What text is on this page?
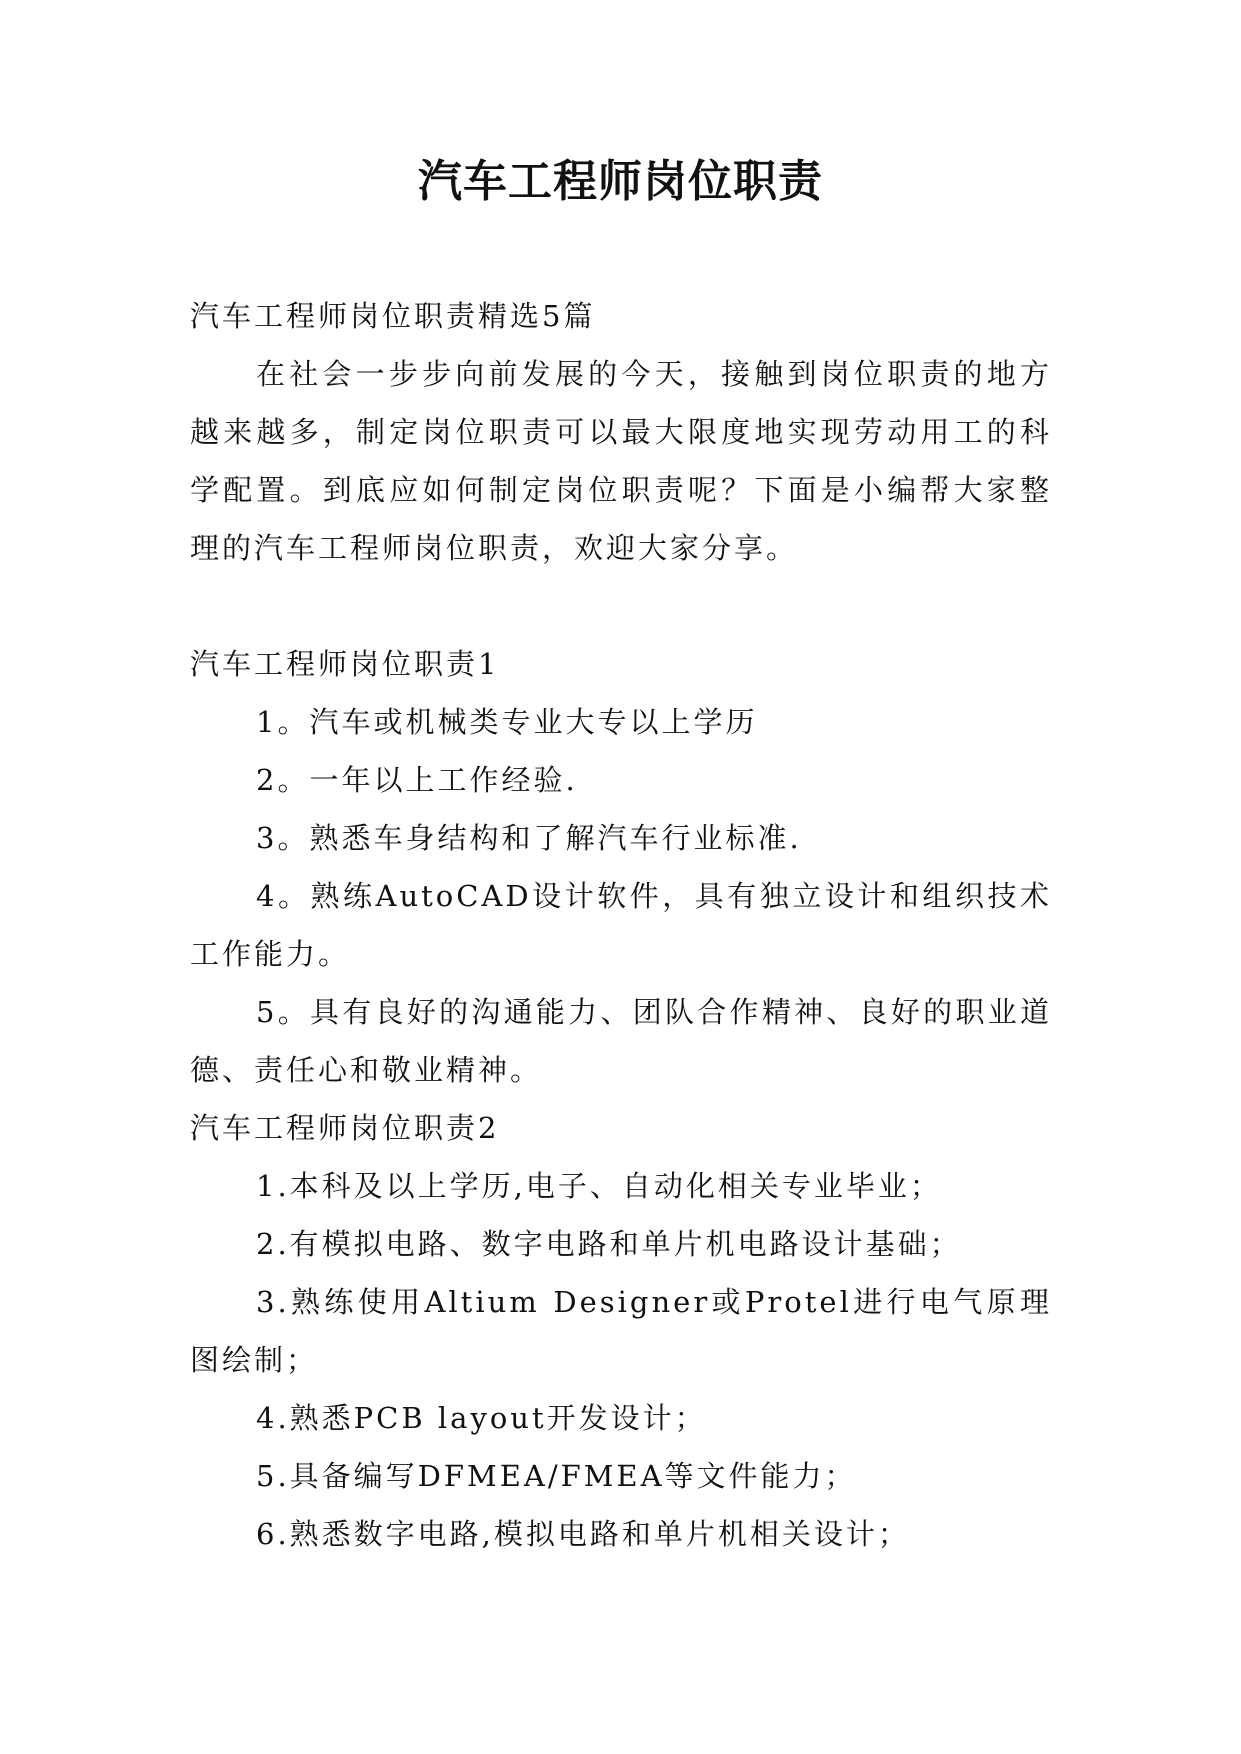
汽车工程师岗位职责

汽车工程师岗位职责精选5篇

在社会一步步向前发展的今天，接触到岗位职责的地方越来越多，制定岗位职责可以最大限度地实现劳动用工的科学配置。到底应如何制定岗位职责呢？下面是小编帮大家整理的汽车工程师岗位职责，欢迎大家分享。

汽车工程师岗位职责1

1。汽车或机械类专业大专以上学历

2。一年以上工作经验.

3。熟悉车身结构和了解汽车行业标准.

4。熟练AutoCAD设计软件，具有独立设计和组织技术工作能力。

5。具有良好的沟通能力、团队合作精神、良好的职业道德、责任心和敬业精神。

汽车工程师岗位职责2

1.本科及以上学历,电子、自动化相关专业毕业；

2.有模拟电路、数字电路和单片机电路设计基础；

3.熟练使用Altium Designer或Protel进行电气原理图绘制；

4.熟悉PCB layout开发设计；

5.具备编写DFMEA/FMEA等文件能力；

6.熟悉数字电路,模拟电路和单片机相关设计；
